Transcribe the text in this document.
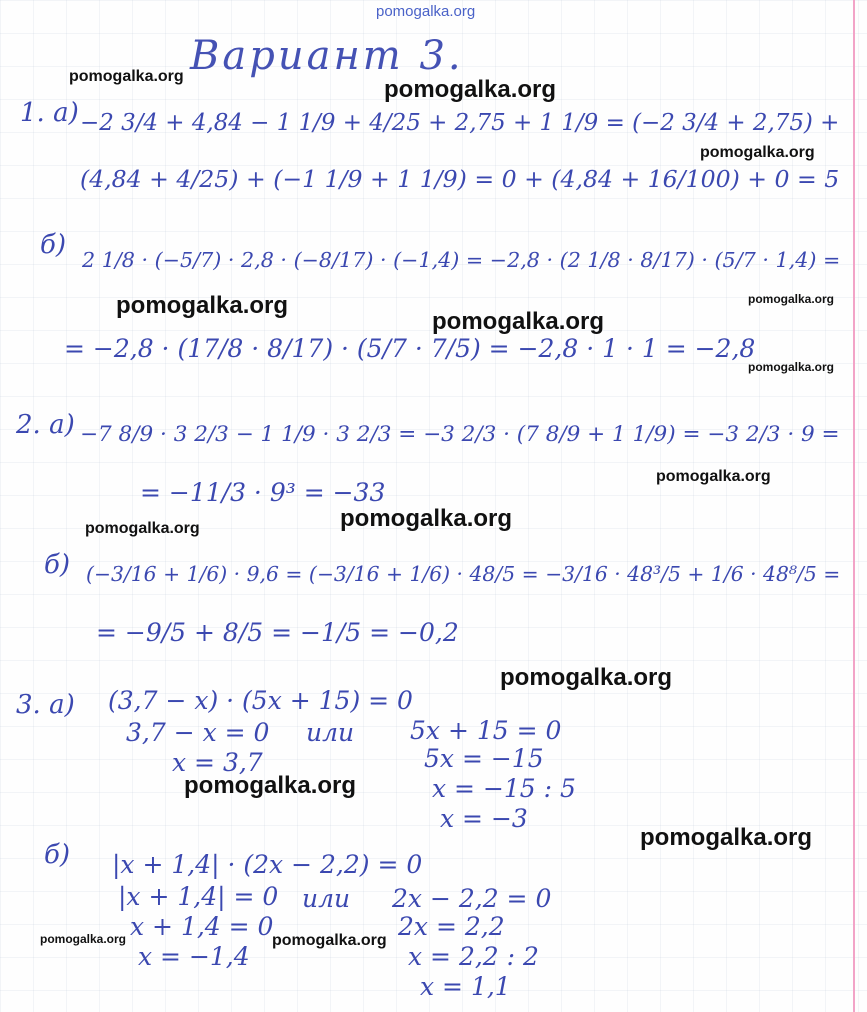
pomogalka.org
pomogalka.org	pomogalka.org
pomogalka.org
pomogalka.org	pomogalka.org
pomogalka.org
pomogalka.org
pomogalka.org
pomogalka.org
pomogalka.org
pomogalka.org
pomogalka.org
pomogalka.org
pomogalka.org	pomogalka.org
Вариант 3.
1. а) −2 3/4 + 4,84 − 1 1/9 + 4/25 + 2,75 + 1 1/9 = (−2 3/4 + 2,75) +
(4,84 + 4/25) + (−1 1/9 + 1 1/9) = 0 + (4,84 + 16/100) + 0 = 5
б) 2 1/8 · (−5/7) · 2,8 · (−8/17) · (−1,4) = −2,8 · (2 1/8 · 8/17) · (5/7 · 1,4) =
= −2,8 · (17/8 · 8/17) · (5/7 · 7/5) = −2,8 · 1 · 1 = −2,8
2. а) −7 8/9 · 3 2/3 − 1 1/9 · 3 2/3 = −3 2/3 · (7 8/9 + 1 1/9) = −3 2/3 · 9 =
= −11/3 · 9³ = −33
б) (−3/16 + 1/6) · 9,6 = (−3/16 + 1/6) · 48/5 = −3/16 · 48³/5 + 1/6 · 48⁸/5 =
= −9/5 + 8/5 = −1/5 = −0,2
3. а) (3,7 − x) · (5x + 15) = 0
3,7 − x = 0 или 5x + 15 = 0
x = 3,7	5x = −15
x = −15 : 5
x = −3
б) |x + 1,4| · (2x − 2,2) = 0
|x + 1,4| = 0 или 2x − 2,2 = 0
x + 1,4 = 0	2x = 2,2
x = −1,4	x = 2,2 : 2
x = 1,1
